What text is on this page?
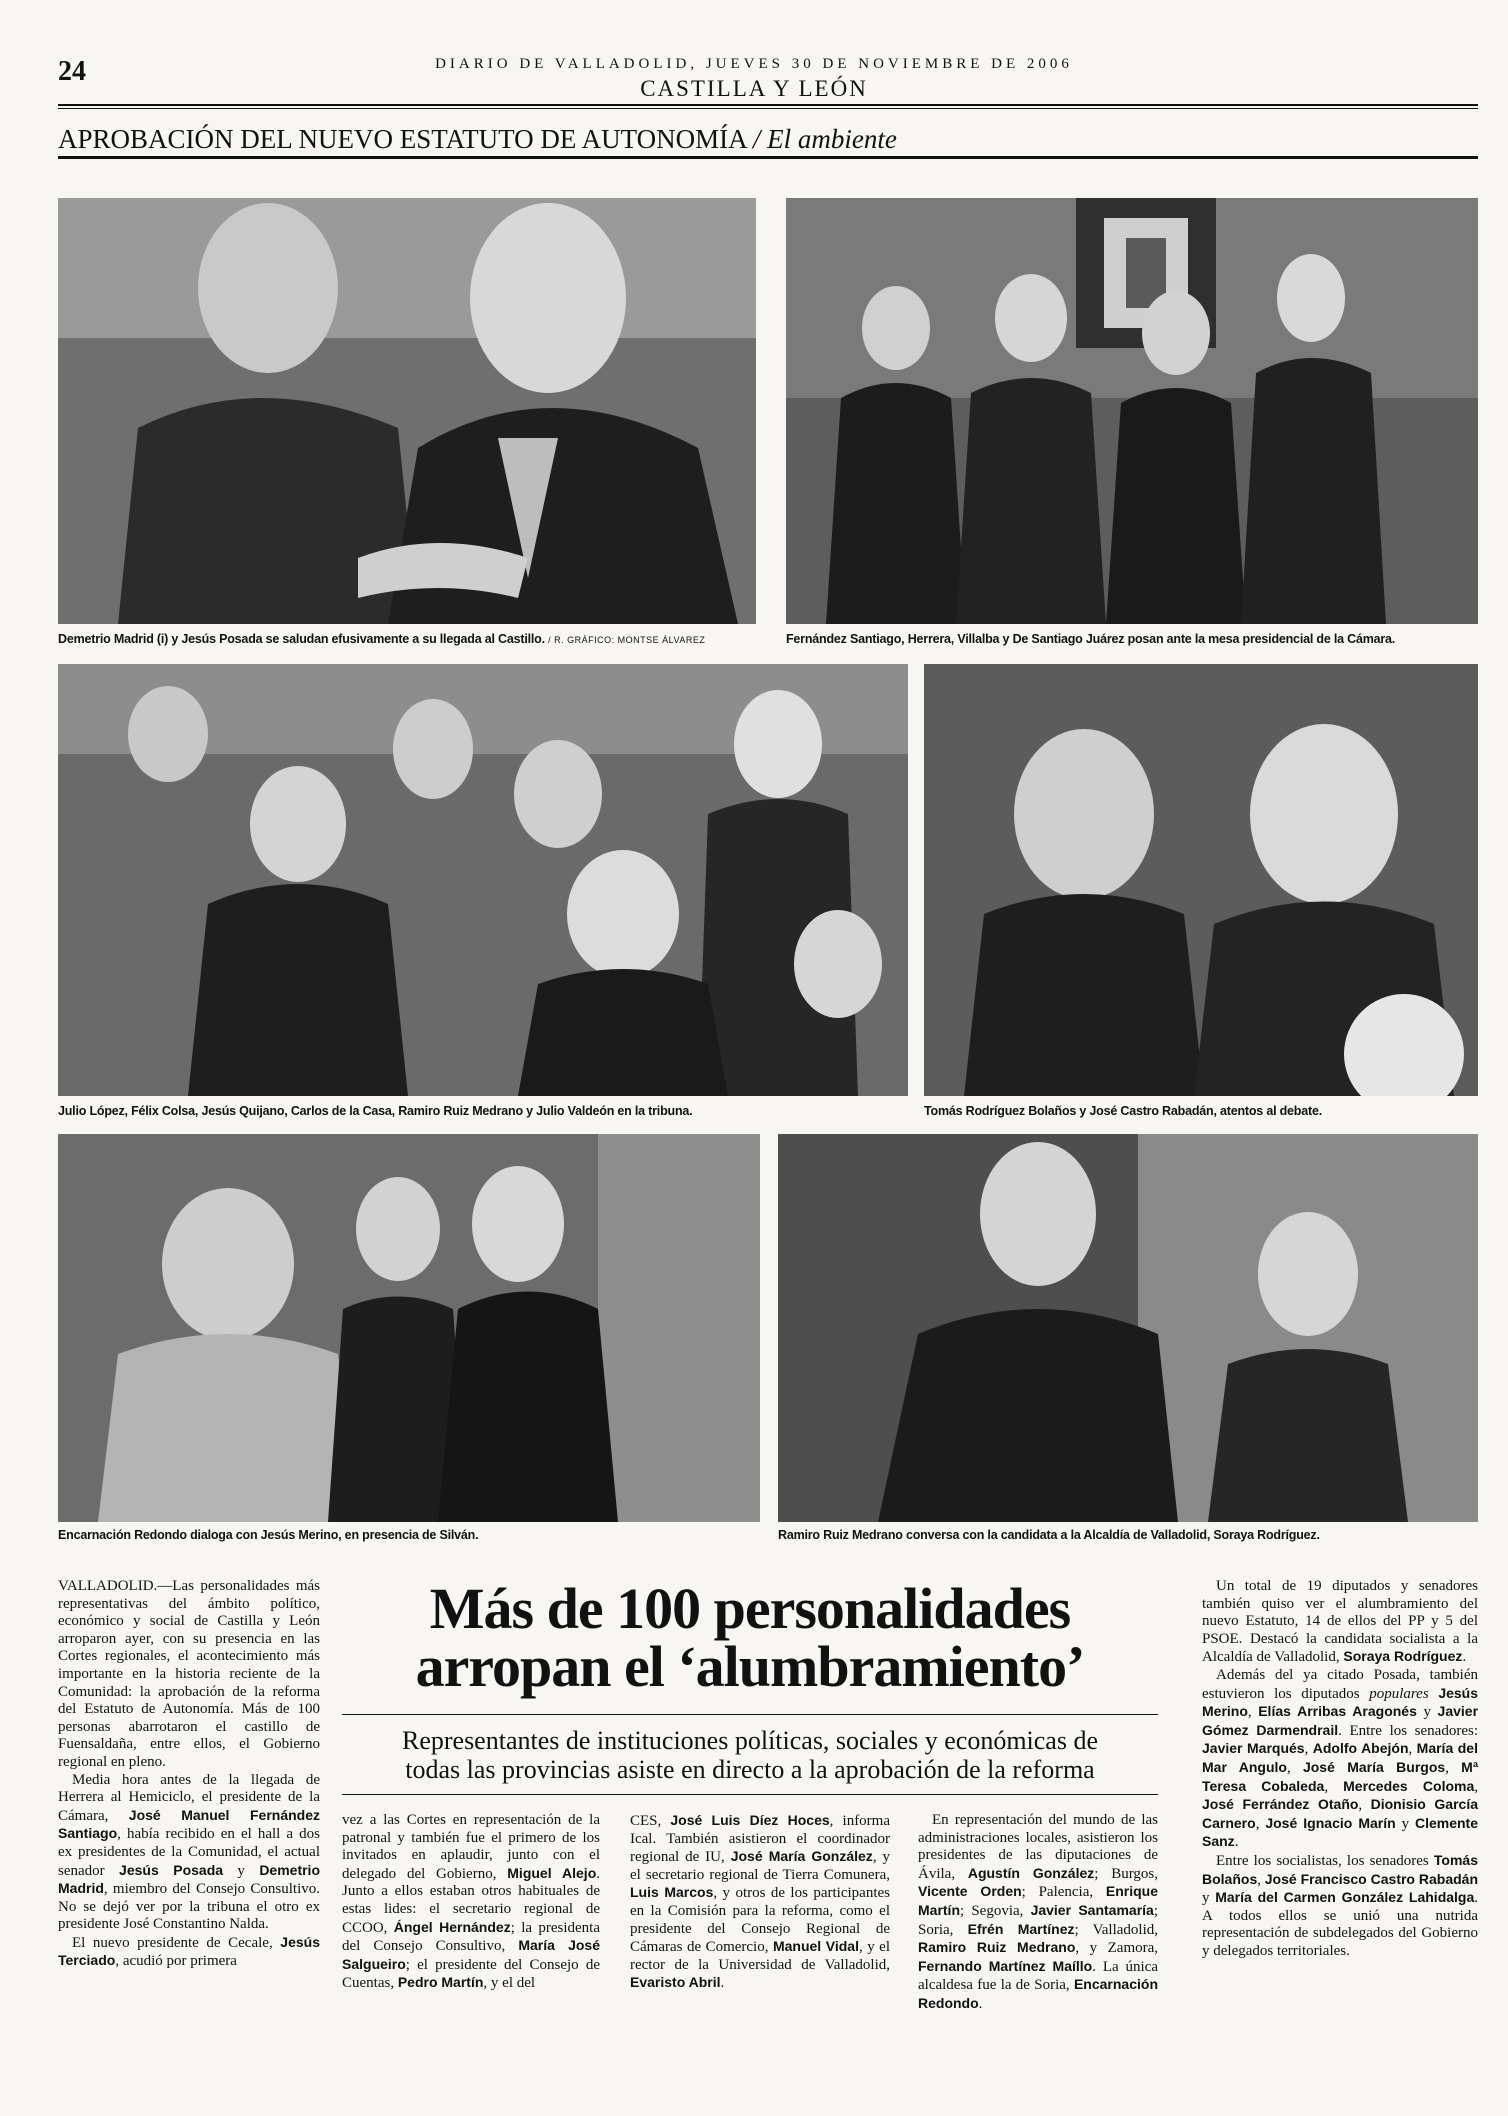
24	DIARIO DE VALLADOLID, JUEVES 30 DE NOVIEMBRE DE 2006
CASTILLA Y LEÓN
APROBACIÓN DEL NUEVO ESTATUTO DE AUTONOMÍA / El ambiente
Demetrio Madrid (i) y Jesús Posada se saludan efusivamente a su llegada al Castillo. / R. GRÁFICO: MONTSE ÁLVAREZ	Fernández Santiago, Herrera, Villalba y De Santiago Juárez posan ante la mesa presidencial de la Cámara.
Julio López, Félix Colsa, Jesús Quijano, Carlos de la Casa, Ramiro Ruiz Medrano y Julio Valdeón en la tribuna.	Tomás Rodríguez Bolaños y José Castro Rabadán, atentos al debate.
Encarnación Redondo dialoga con Jesús Merino, en presencia de Silván.	Ramiro Ruiz Medrano conversa con la candidata a la Alcaldía de Valladolid, Soraya Rodríguez.
Más de 100 personalidades
arropan el ‘alumbramiento’
Representantes de instituciones políticas, sociales y económicas de
todas las provincias asiste en directo a la aprobación de la reforma

VALLADOLID.—Las personalidades más representativas del ámbito político, económico y social de Castilla y León arroparon ayer, con su presencia en las Cortes regionales, el acontecimiento más importante en la historia reciente de la Comunidad: la aprobación de la reforma del Estatuto de Autonomía. Más de 100 personas abarrotaron el castillo de Fuensaldaña, entre ellos, el Gobierno regional en pleno.

Media hora antes de la llegada de Herrera al Hemiciclo, el presidente de la Cámara, José Manuel Fernández Santiago, había recibido en el hall a dos ex presidentes de la Comunidad, el actual senador Jesús Posada y Demetrio Madrid, miembro del Consejo Consultivo. No se dejó ver por la tribuna el otro ex presidente José Constantino Nalda.

El nuevo presidente de Cecale, Jesús Terciado, acudió por primera

vez a las Cortes en representación de la patronal y también fue el primero de los invitados en aplaudir, junto con el delegado del Gobierno, Miguel Alejo. Junto a ellos estaban otros habituales de estas lides: el secretario regional de CCOO, Ángel Hernández; la presidenta del Consejo Consultivo, María José Salgueiro; el presidente del Consejo de Cuentas, Pedro Martín, y el del

CES, José Luis Díez Hoces, informa Ical. También asistieron el coordinador regional de IU, José María González, y el secretario regional de Tierra Comunera, Luis Marcos, y otros de los participantes en la Comisión para la reforma, como el presidente del Consejo Regional de Cámaras de Comercio, Manuel Vidal, y el rector de la Universidad de Valladolid, Evaristo Abril.

En representación del mundo de las administraciones locales, asistieron los presidentes de las diputaciones de Ávila, Agustín González; Burgos, Vicente Orden; Palencia, Enrique Martín; Segovia, Javier Santamaría; Soria, Efrén Martínez; Valladolid, Ramiro Ruiz Medrano, y Zamora, Fernando Martínez Maíllo. La única alcaldesa fue la de Soria, Encarnación Redondo.

Un total de 19 diputados y senadores también quiso ver el alumbramiento del nuevo Estatuto, 14 de ellos del PP y 5 del PSOE. Destacó la candidata socialista a la Alcaldía de Valladolid, Soraya Rodríguez.

Además del ya citado Posada, también estuvieron los diputados populares Jesús Merino, Elías Arribas Aragonés y Javier Gómez Darmendrail. Entre los senadores: Javier Marqués, Adolfo Abejón, María del Mar Angulo, José María Burgos, Mª Teresa Cobaleda, Mercedes Coloma, José Ferrández Otaño, Dionisio García Carnero, José Ignacio Marín y Clemente Sanz.

Entre los socialistas, los senadores Tomás Bolaños, José Francisco Castro Rabadán y María del Carmen González Lahidalga. A todos ellos se unió una nutrida representación de subdelegados del Gobierno y delegados territoriales.
